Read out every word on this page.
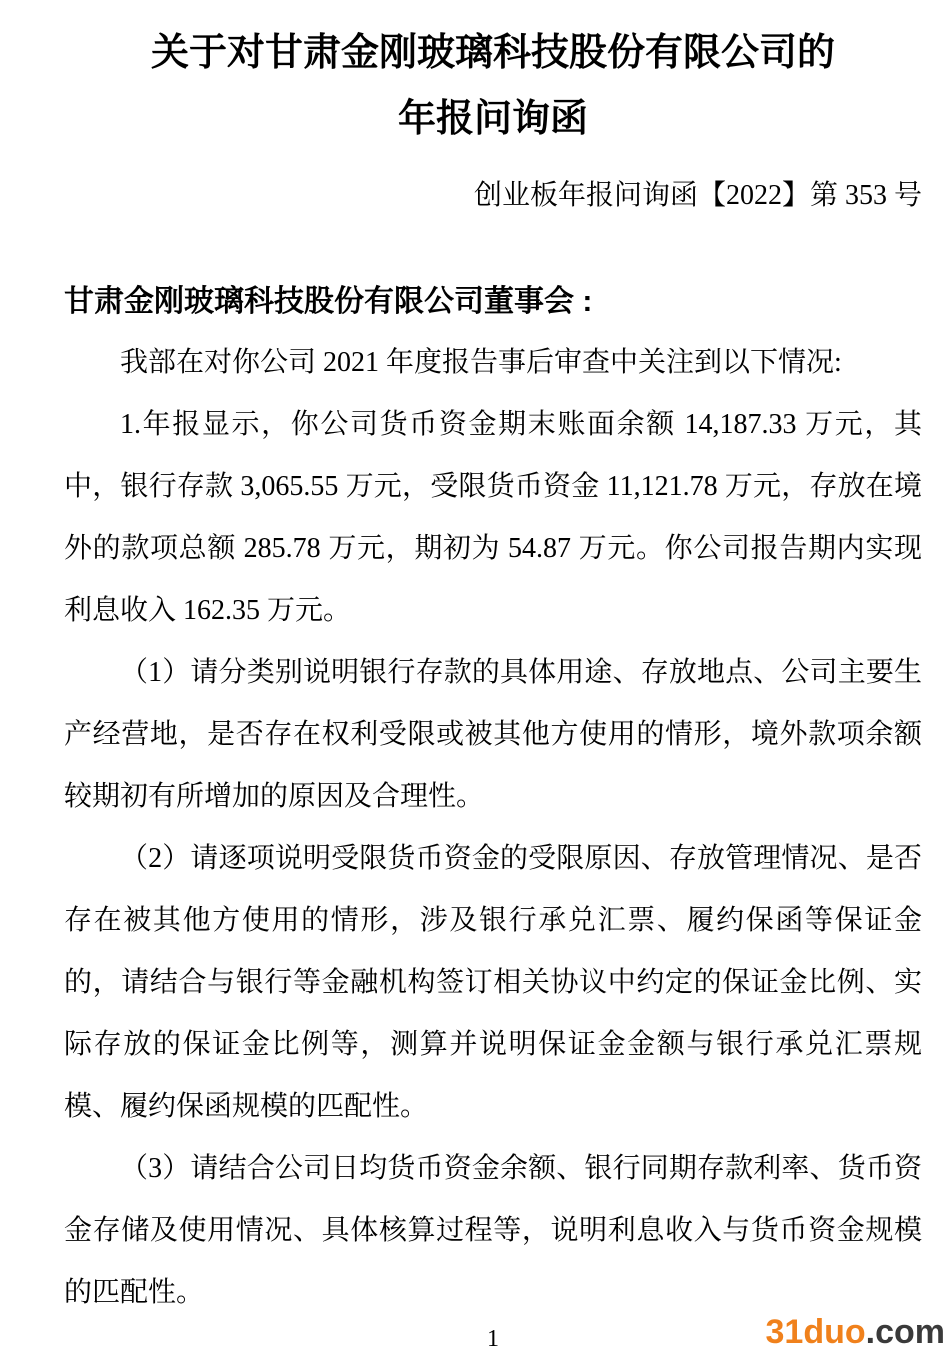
关于对甘肃金刚玻璃科技股份有限公司的
年报问询函
创业板年报问询函【2022】第 353 号
甘肃金刚玻璃科技股份有限公司董事会 :

我部在对你公司 2021 年度报告事后审查中关注到以下情况:

1.年报显示，你公司货币资金期末账面余额 14,187.33 万元，其中，银行存款 3,065.55 万元，受限货币资金 11,121.78 万元，存放在境外的款项总额 285.78 万元，期初为 54.87 万元。你公司报告期内实现利息收入 162.35 万元。

（1）请分类别说明银行存款的具体用途、存放地点、公司主要生产经营地，是否存在权利受限或被其他方使用的情形，境外款项余额较期初有所增加的原因及合理性。

（2）请逐项说明受限货币资金的受限原因、存放管理情况、是否存在被其他方使用的情形，涉及银行承兑汇票、履约保函等保证金的，请结合与银行等金融机构签订相关协议中约定的保证金比例、实际存放的保证金比例等，测算并说明保证金金额与银行承兑汇票规模、履约保函规模的匹配性。

（3）请结合公司日均货币资金余额、银行同期存款利率、货币资金存储及使用情况、具体核算过程等，说明利息收入与货币资金规模的匹配性。

1	31duo.com
